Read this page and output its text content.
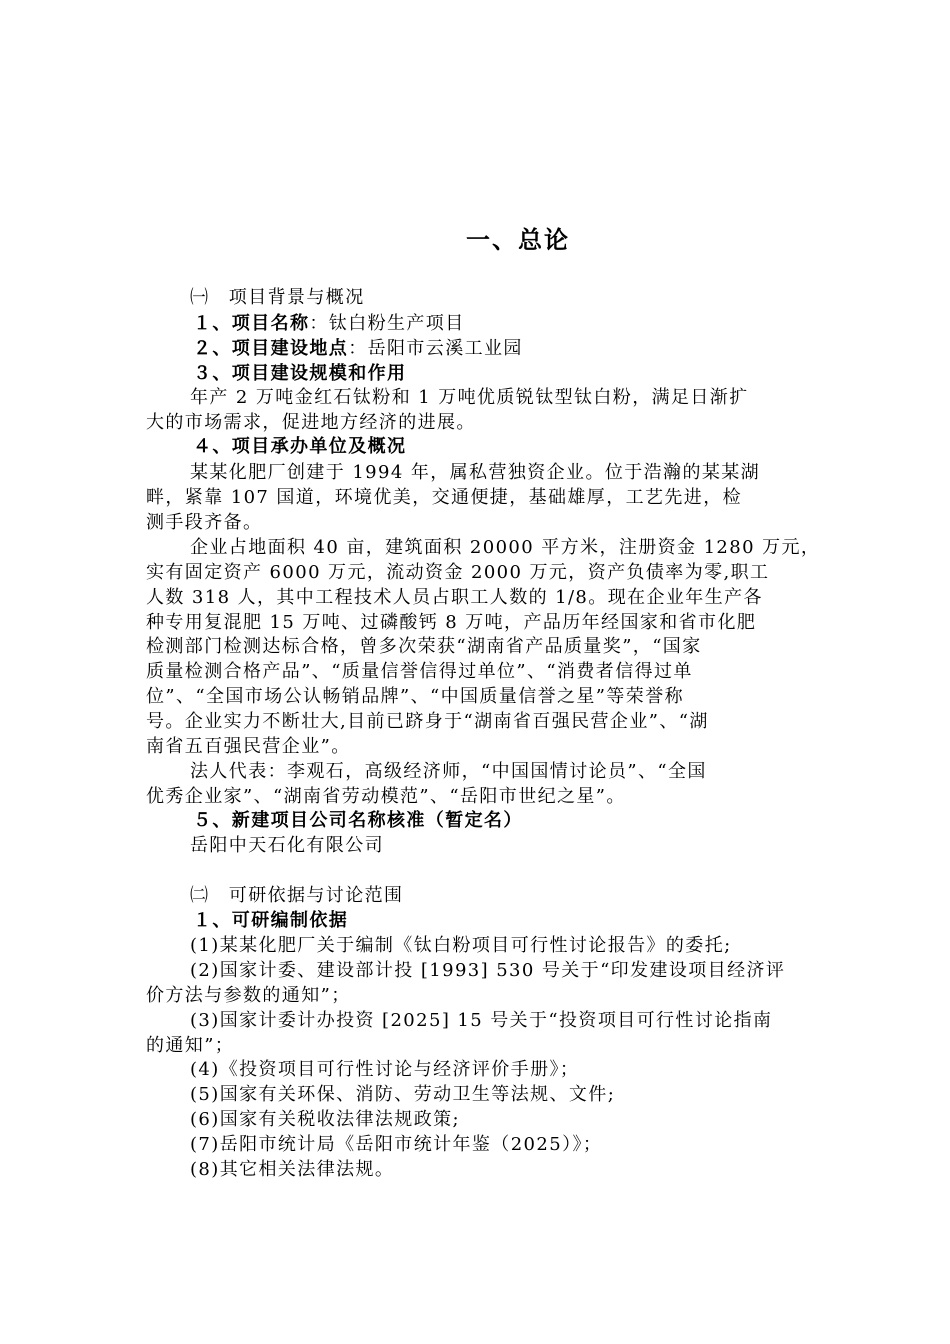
一、总论
㈠　项目背景与概况
１、项目名称：钛白粉生产项目
２、项目建设地点：岳阳市云溪工业园
３、项目建设规模和作用
年产 2 万吨金红石钛粉和 1 万吨优质锐钛型钛白粉，满足日渐扩
大的市场需求，促进地方经济的进展。
４、项目承办单位及概况
某某化肥厂创建于 1994 年，属私营独资企业。位于浩瀚的某某湖
畔，紧靠 107 国道，环境优美，交通便捷，基础雄厚，工艺先进，检
测手段齐备。
企业占地面积 40 亩，建筑面积 20000 平方米，注册资金 1280 万元，
实有固定资产 6000 万元，流动资金 2000 万元，资产负债率为零,职工
人数 318 人，其中工程技术人员占职工人数的 1/8。现在企业年生产各
种专用复混肥 15 万吨、过磷酸钙 8 万吨，产品历年经国家和省市化肥
检测部门检测达标合格，曾多次荣获“湖南省产品质量奖”，“国家
质量检测合格产品”、“质量信誉信得过单位”、“消费者信得过单
位”、“全国市场公认畅销品牌”、“中国质量信誉之星”等荣誉称
号。企业实力不断壮大,目前已跻身于“湖南省百强民营企业”、“湖
南省五百强民营企业”。
法人代表：李观石，高级经济师，“中国国情讨论员”、“全国
优秀企业家”、“湖南省劳动模范”、“岳阳市世纪之星”。
５、新建项目公司名称核准（暂定名）
岳阳中天石化有限公司
㈡　可研依据与讨论范围
１、可研编制依据
(1)某某化肥厂关于编制《钛白粉项目可行性讨论报告》的委托;
(2)国家计委、建设部计投 [1993] 530 号关于“印发建设项目经济评
价方法与参数的通知”；
(3)国家计委计办投资 [2025] 15 号关于“投资项目可行性讨论指南
的通知”；
(4)《投资项目可行性讨论与经济评价手册》；
(5)国家有关环保、消防、劳动卫生等法规、文件;
(6)国家有关税收法律法规政策;
(7)岳阳市统计局《岳阳市统计年鉴（2025）》；
(8)其它相关法律法规。
